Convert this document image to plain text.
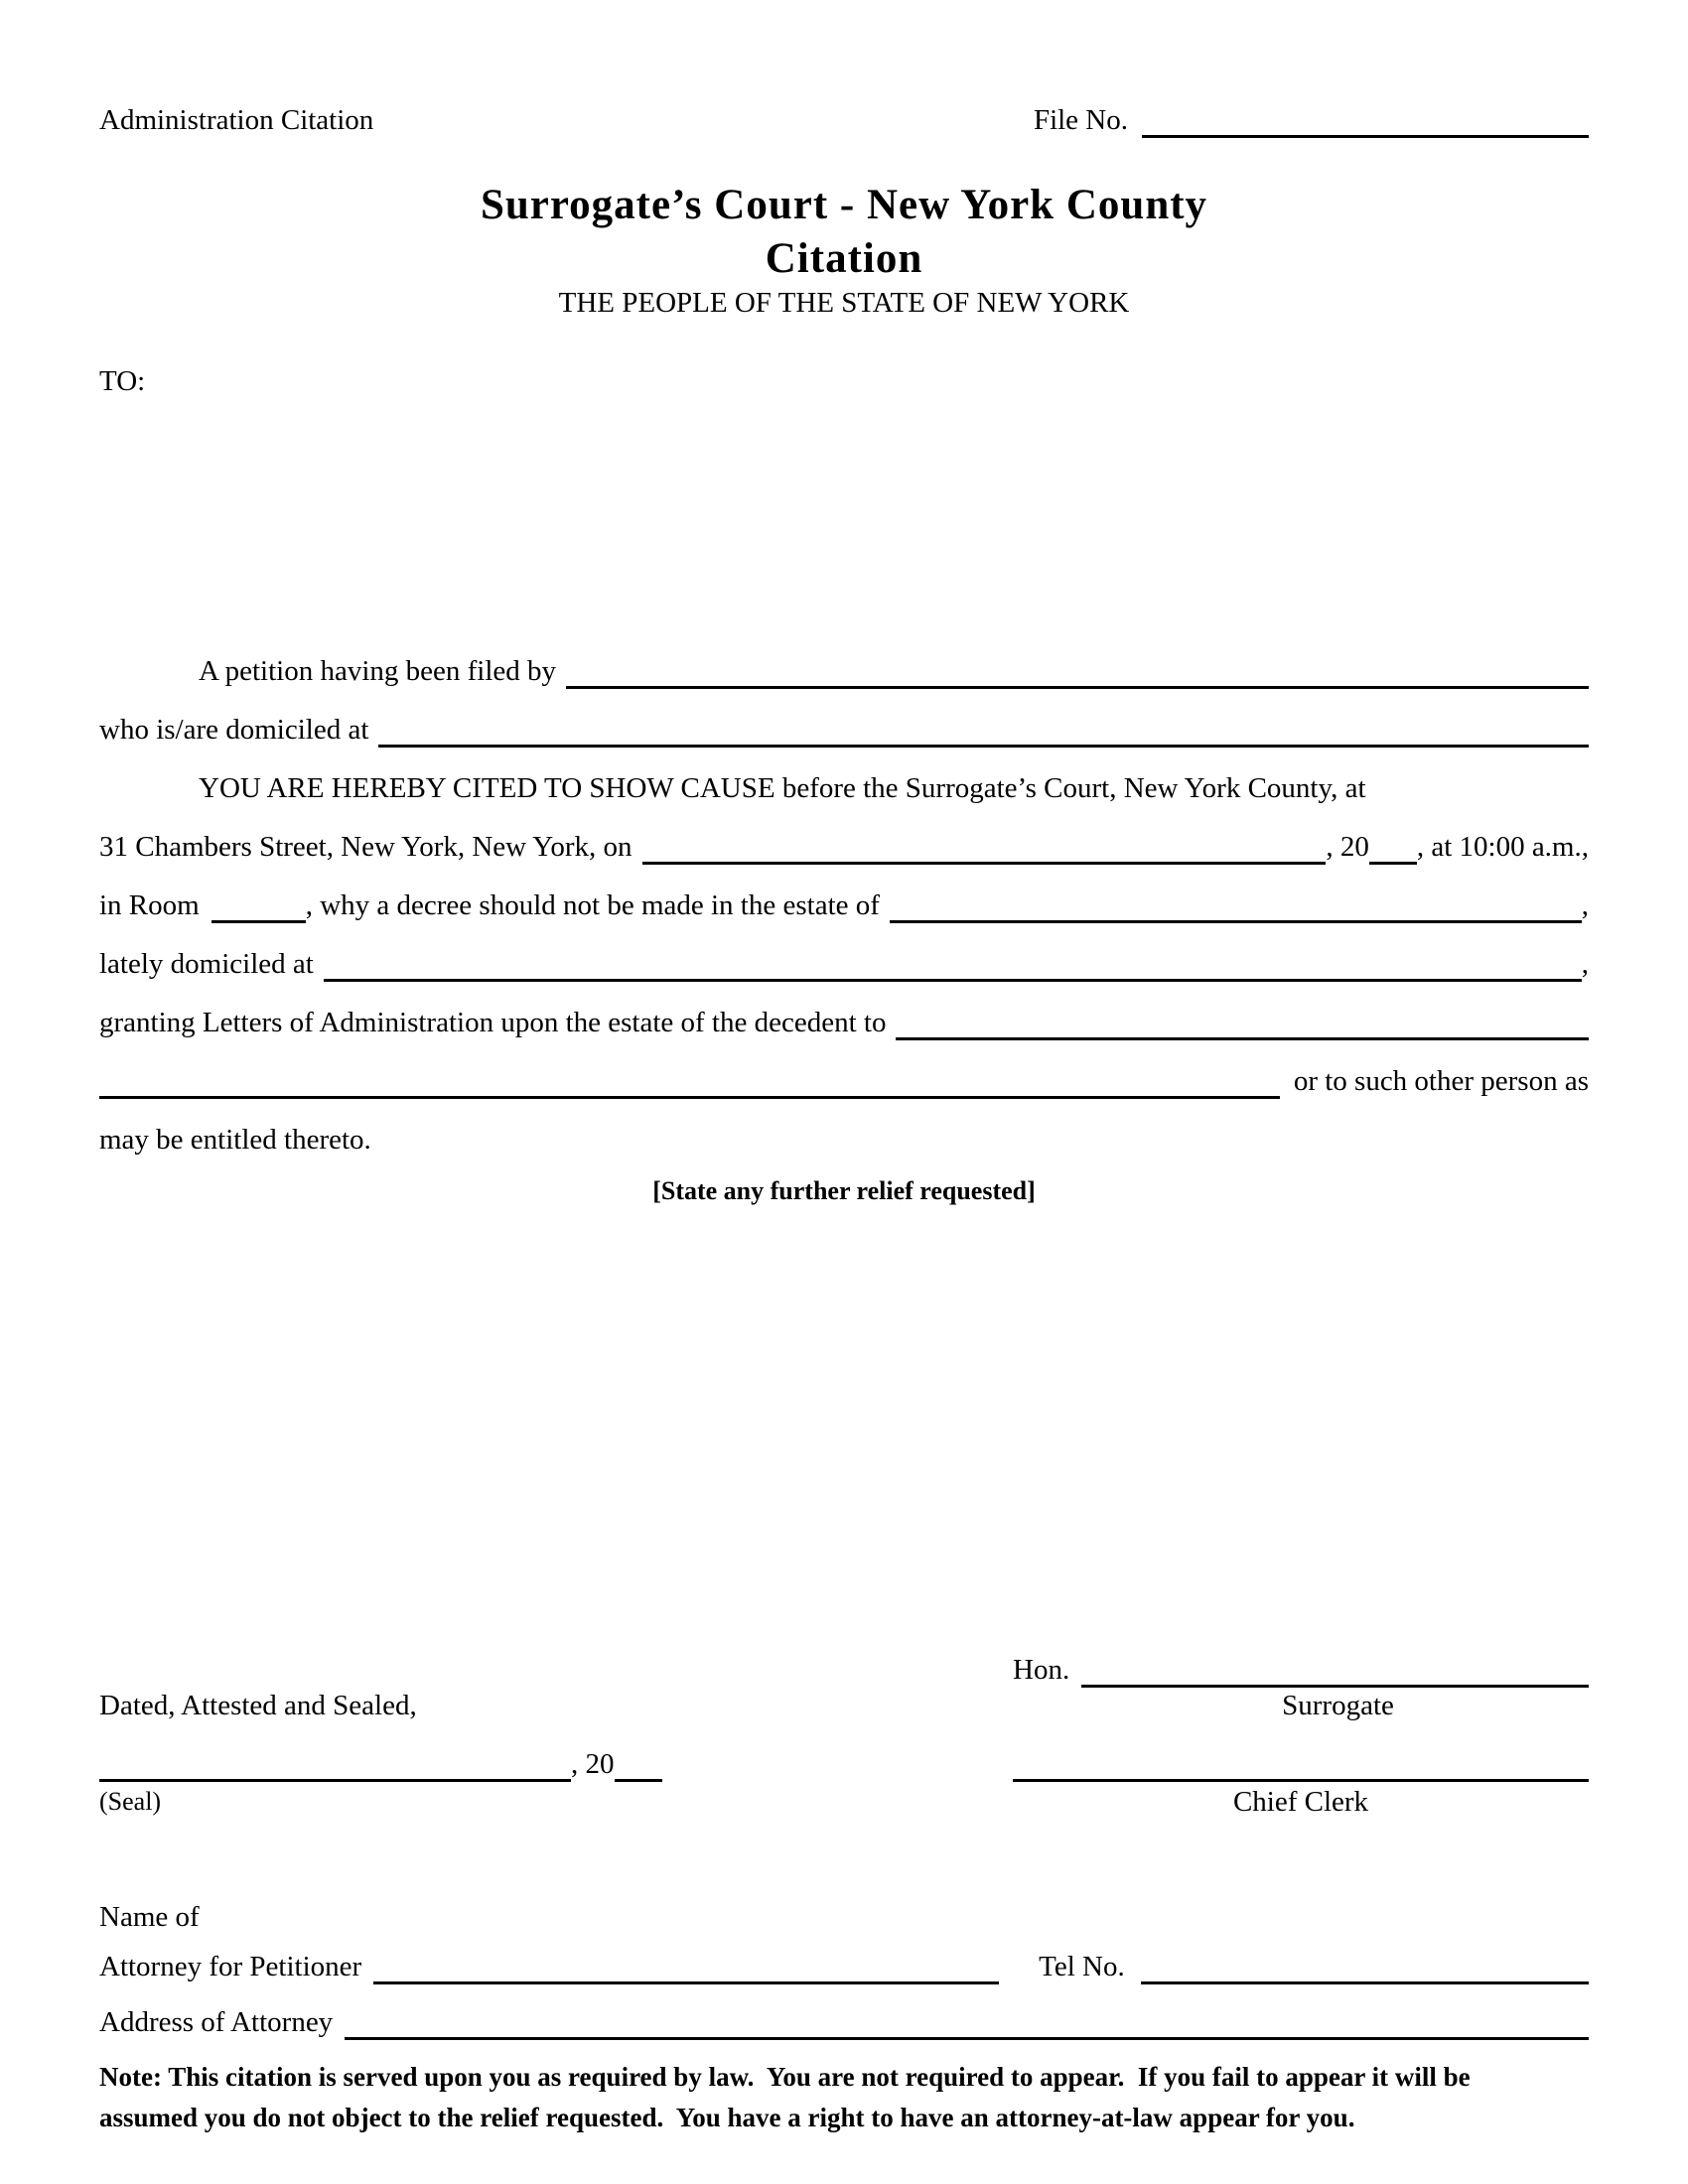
Administration Citation	File No.
Surrogate’s Court - New York County
Citation
THE PEOPLE OF THE STATE OF NEW YORK
TO:
A petition having been filed by
who is/are domiciled at
YOU ARE HEREBY CITED TO SHOW CAUSE before the Surrogate’s Court, New York County, at
31 Chambers Street, New York, New York, on	, 20 , at 10:00 a.m.,
in Room	, why a decree should not be made in the estate of	,
lately domiciled at	,
granting Letters of Administration upon the estate of the decedent to
or to such other person as
may be entitled thereto.
[State any further relief requested]
Hon.
Dated, Attested and Sealed,	Surrogate
, 20
(Seal)	Chief Clerk
Name of
Attorney for Petitioner	Tel No.
Address of Attorney
Note: This citation is served upon you as required by law.  You are not required to appear.  If you fail to appear it will be
assumed you do not object to the relief requested.  You have a right to have an attorney-at-law appear for you.
